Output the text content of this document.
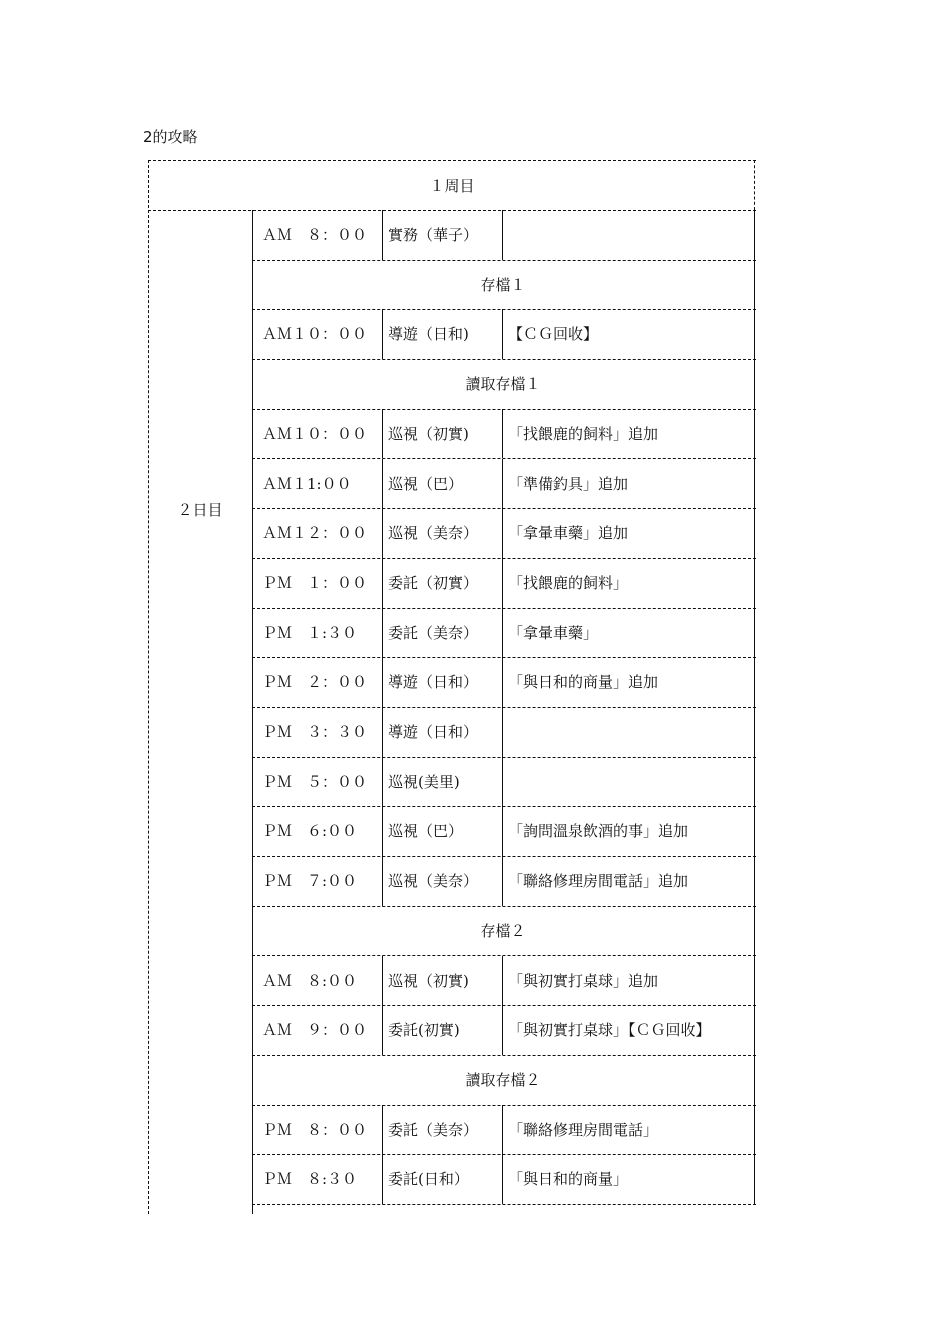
2的攻略
１周目
２日目
ＡＭ　８：００	實務（華子）
存檔１
ＡＭ１０：００	導遊（日和)	【ＣＧ回收】
讀取存檔１
ＡＭ１０：００	巡視（初實)	「找餵鹿的飼料」追加
ＡＭ１1:００	巡視（巴）	「準備釣具」追加
ＡＭ１２：００	巡視（美奈）	「拿暈車藥」追加
ＰＭ　１：００	委託（初實）	「找餵鹿的飼料」
ＰＭ　１:３０	委託（美奈）	「拿暈車藥」
ＰＭ　２：００	導遊（日和）	「與日和的商量」追加
ＰＭ　３：３０	導遊（日和）
ＰＭ　５：００	巡視(美里)
ＰＭ　６:００	巡視（巴）	「詢問溫泉飲酒的事」追加
ＰＭ　７:００	巡視（美奈）	「聯絡修理房間電話」追加
存檔２
ＡＭ　８:００	巡視（初實)	「與初實打桌球」追加
ＡＭ　９：００	委託(初實)	「與初實打桌球」【ＣＧ回收】
讀取存檔２
ＰＭ　８：００	委託（美奈）	「聯絡修理房間電話」
ＰＭ　８:３０	委託(日和）	「與日和的商量」
